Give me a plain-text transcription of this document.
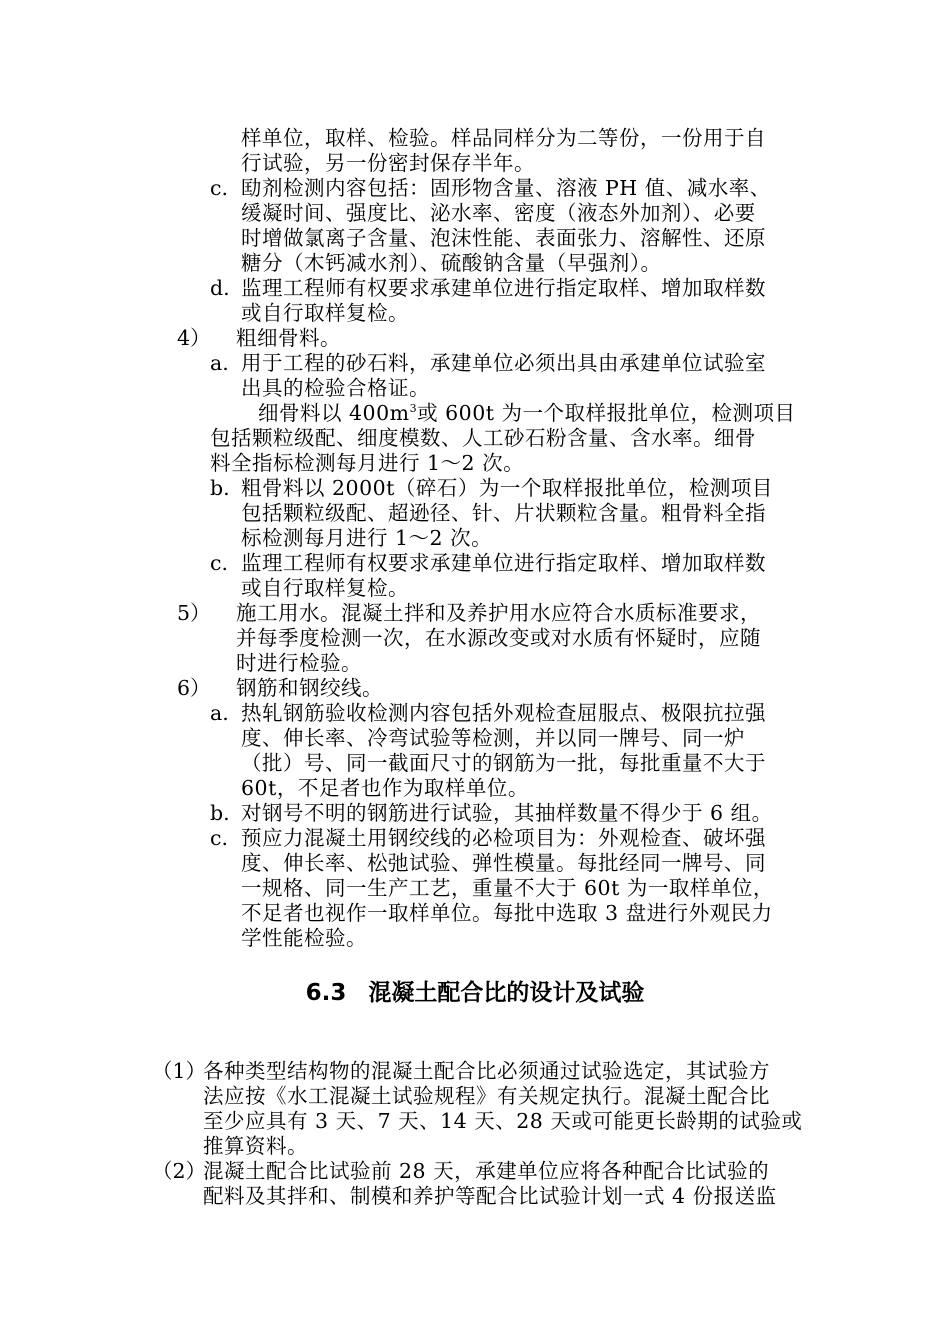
样单位，取样、检验。样品同样分为二等份，一份用于自
行试验，另一份密封保存半年。
c. 劻剂检测内容包括：固形物含量、溶液 PH 值、减水率、
缓凝时间、强度比、泌水率、密度（液态外加剂）、必要
时增做氯离子含量、泡沫性能、表面张力、溶解性、还原
糖分（木钙减水剂）、硫酸钠含量（早强剂）。
d. 监理工程师有权要求承建单位进行指定取样、增加取样数
或自行取样复检。
4） 粗细骨料。
a. 用于工程的砂石料，承建单位必须出具由承建单位试验室
出具的检验合格证。
细骨料以 $400m^3$或 600t 为一个取样报批单位，检测项目
包括颗粒级配、细度模数、人工砂石粉含量、含水率。细骨
料全指标检测每月进行 1～2 次。
b. 粗骨料以 2000t（碎石）为一个取样报批单位，检测项目
包括颗粒级配、超逊径、针、片状颗粒含量。粗骨料全指
标检测每月进行 1～2 次。
c. 监理工程师有权要求承建单位进行指定取样、增加取样数
或自行取样复检。
5） 施工用水。混凝土拌和及养护用水应符合水质标准要求，
并每季度检测一次，在水源改变或对水质有怀疑时，应随
时进行检验。
6） 钢筋和钢绞线。
a. 热轧钢筋验收检测内容包括外观检查屈服点、极限抗拉强
度、伸长率、冷弯试验等检测，并以同一牌号、同一炉
（批）号、同一截面尺寸的钢筋为一批，每批重量不大于
60t，不足者也作为取样单位。
b. 对钢号不明的钢筋进行试验，其抽样数量不得少于 6 组。
c. 预应力混凝土用钢绞线的必检项目为：外观检查、破坏强
度、伸长率、松弛试验、弹性模量。每批经同一牌号、同
一规格、同一生产工艺，重量不大于 60t 为一取样单位，
不足者也视作一取样单位。每批中选取 3 盘进行外观民力
学性能检验。
6.3 混凝土配合比的设计及试验
（1）
各种类型结构物的混凝土配合比必须通过试验选定，其试验方
法应按《水工混凝土试验规程》有关规定执行。混凝土配合比
至少应具有 3 天、7 天、14 天、28 天或可能更长龄期的试验或
推算资料。
（2）
混凝土配合比试验前 28 天，承建单位应将各种配合比试验的
配料及其拌和、制模和养护等配合比试验计划一式 4 份报送监
